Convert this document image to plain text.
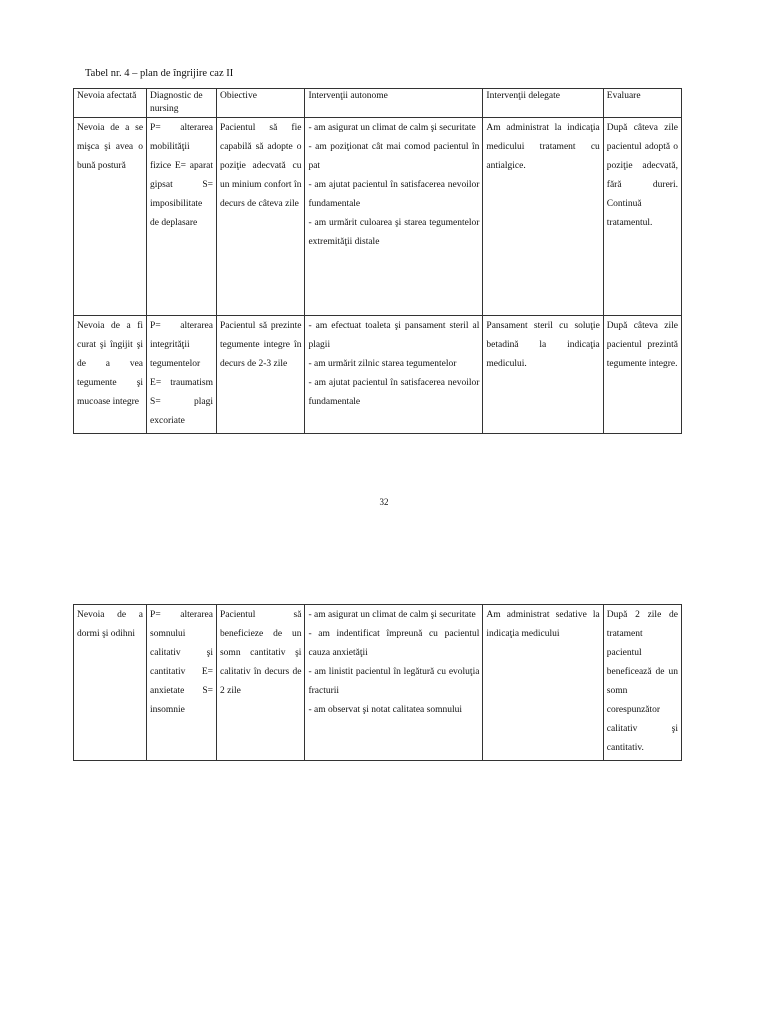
Tabel nr. 4 – plan de îngrijire caz II
Nevoia afectată	Diagnostic de nursing	Obiective	Intervenţii autonome	Intervenţii delegate	Evaluare
Nevoia de a se mişca şi avea o bună postură	P= alterarea mobilităţii fizice E= aparat gipsat S= imposibilitate de deplasare	Pacientul să fie capabilă să adopte o poziţie adecvată cu un minium confort în decurs de câteva zile	- am asigurat un climat de calm şi securitate
- am poziţionat cât mai comod pacientul în pat
- am ajutat pacientul în satisfacerea nevoilor fundamentale
- am urmărit culoarea şi starea tegumentelor extremităţii distale	Am administrat la indicaţia medicului tratament cu antialgice.	După câteva zile pacientul adoptă o poziţie adecvată, fără dureri. Continuă tratamentul.
Nevoia de a fi curat şi îngijit şi de a vea tegumente şi mucoase integre	P= alterarea integrităţii tegumentelor E= traumatism S= plagi excoriate	Pacientul să prezinte tegumente integre în decurs de 2-3 zile	- am efectuat toaleta şi pansament steril al plagii
- am urmărit zilnic starea tegumentelor
- am ajutat pacientul în satisfacerea nevoilor fundamentale	Pansament steril cu soluţie betadină la indicaţia medicului.	După câteva zile pacientul prezintă tegumente integre.
32
Nevoia de a dormi şi odihni	P= alterarea somnului calitativ şi cantitativ E= anxietate S= insomnie	Pacientul să beneficieze de un somn cantitativ şi calitativ în decurs de 2 zile	
- am asigurat un climat de calm şi securitate
- am indentificat împreună cu pacientul cauza anxietăţii
- am linistit pacientul în legătură cu evoluţia fracturii
- am observat şi notat calitatea somnului
	Am administrat sedative la indicaţia medicului	După 2 zile de tratament pacientul beneficează de un somn corespunzător calitativ şi cantitativ.
